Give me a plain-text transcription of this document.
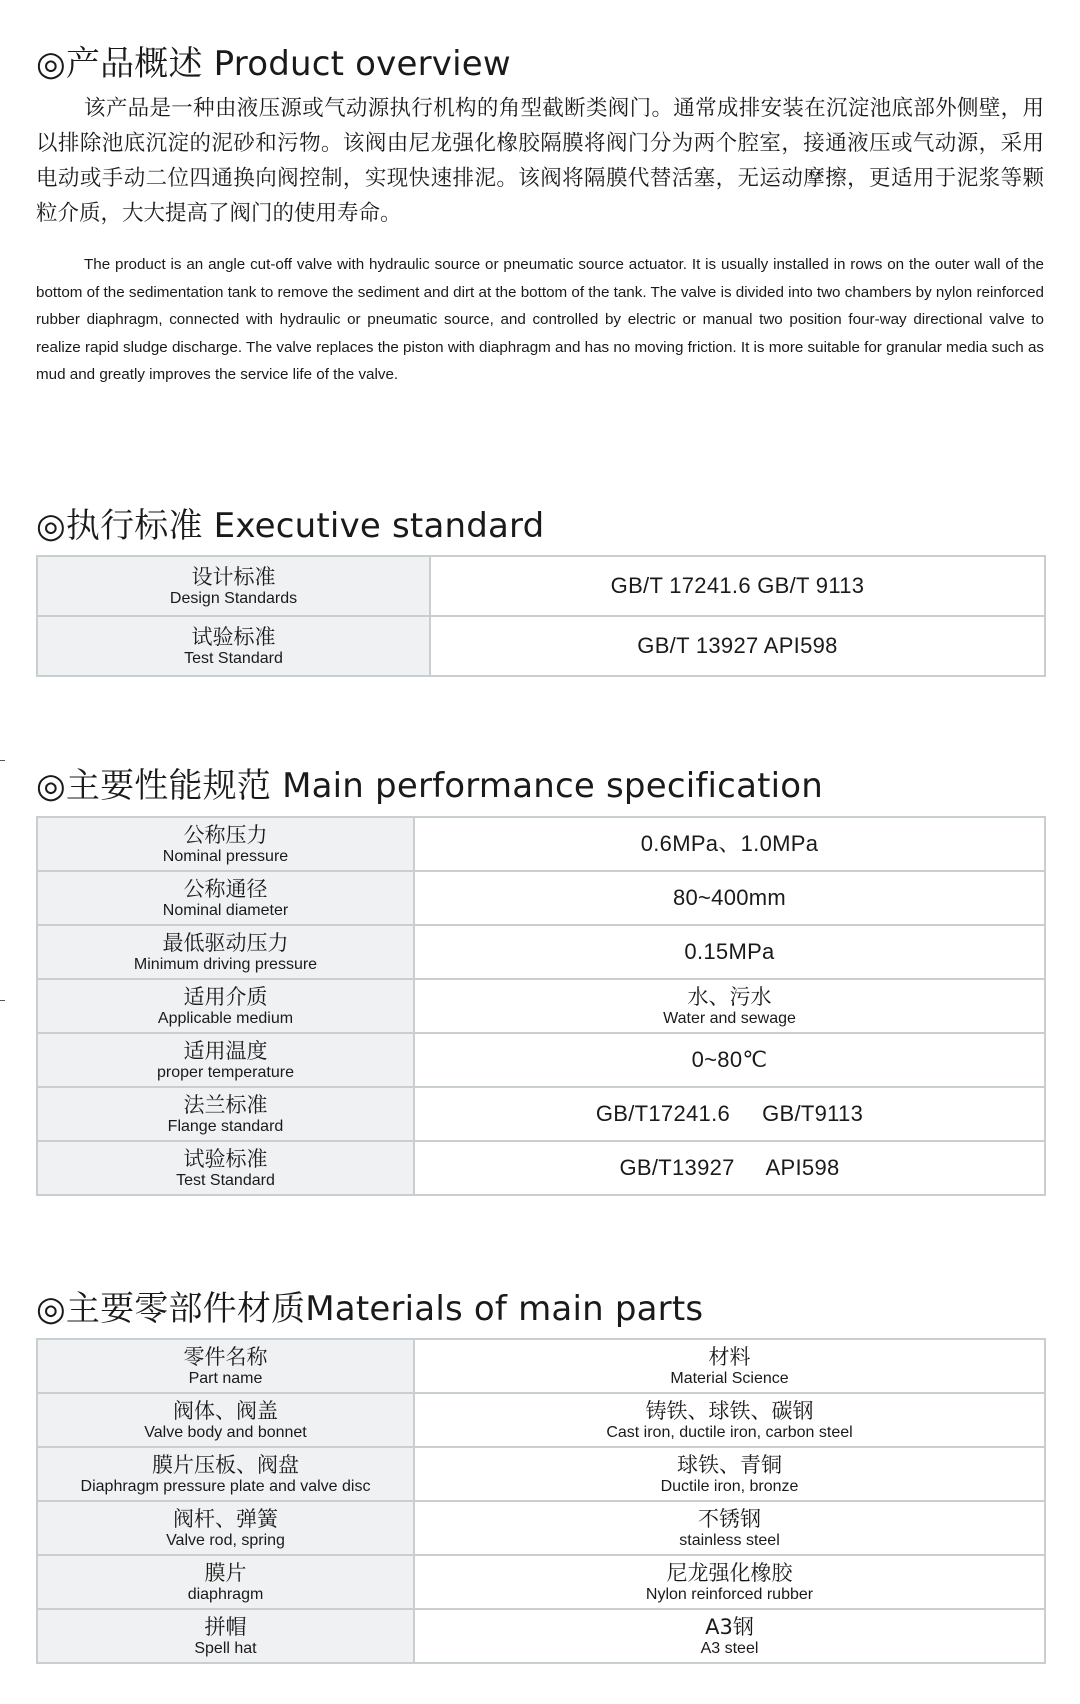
◎产品概述 Product overview

该产品是一种由液压源或气动源执行机构的角型截断类阀门。通常成排安装在沉淀池底部外侧壁，用以排除池底沉淀的泥砂和污物。该阀由尼龙强化橡胶隔膜将阀门分为两个腔室，接通液压或气动源，采用电动或手动二位四通换向阀控制，实现快速排泥。该阀将隔膜代替活塞，无运动摩擦，更适用于泥浆等颗粒介质，大大提高了阀门的使用寿命。

The product is an angle cut-off valve with hydraulic source or pneumatic source actuator. It is usually installed in rows on the outer wall of the bottom of the sedimentation tank to remove the sediment and dirt at the bottom of the tank. The valve is divided into two chambers by nylon reinforced rubber diaphragm, connected with hydraulic or pneumatic source, and controlled by electric or manual two position four-way directional valve to realize rapid sludge discharge. The valve replaces the piston with diaphragm and has no moving friction. It is more suitable for granular media such as mud and greatly improves the service life of the valve.

◎执行标准 Executive standard
设计标准
Design Standards	GB/T 17241.6 GB/T 9113

试验标准
Test Standard	GB/T 13927 API598
◎主要性能规范 Main performance specification
公称压力
Nominal pressure	0.6MPa、1.0MPa

公称通径
Nominal diameter	80~400mm

最低驱动压力
Minimum driving pressure	0.15MPa

适用介质
Applicable medium	水、污水
Water and sewage

适用温度
proper temperature	0~80℃

法兰标准
Flange standard	GB/T17241.6     GB/T9113

试验标准
Test Standard	GB/T13927     API598
◎主要零部件材质Materials of main parts
零件名称
Part name	材料
Material Science

阀体、阀盖
Valve body and bonnet	铸铁、球铁、碳钢
Cast iron, ductile iron, carbon steel

膜片压板、阀盘
Diaphragm pressure plate and valve disc	球铁、青铜
Ductile iron, bronze

阀杆、弹簧
Valve rod, spring	不锈钢
stainless steel

膜片
diaphragm	尼龙强化橡胶
Nylon reinforced rubber

拼帽
Spell hat	A3钢
A3 steel
